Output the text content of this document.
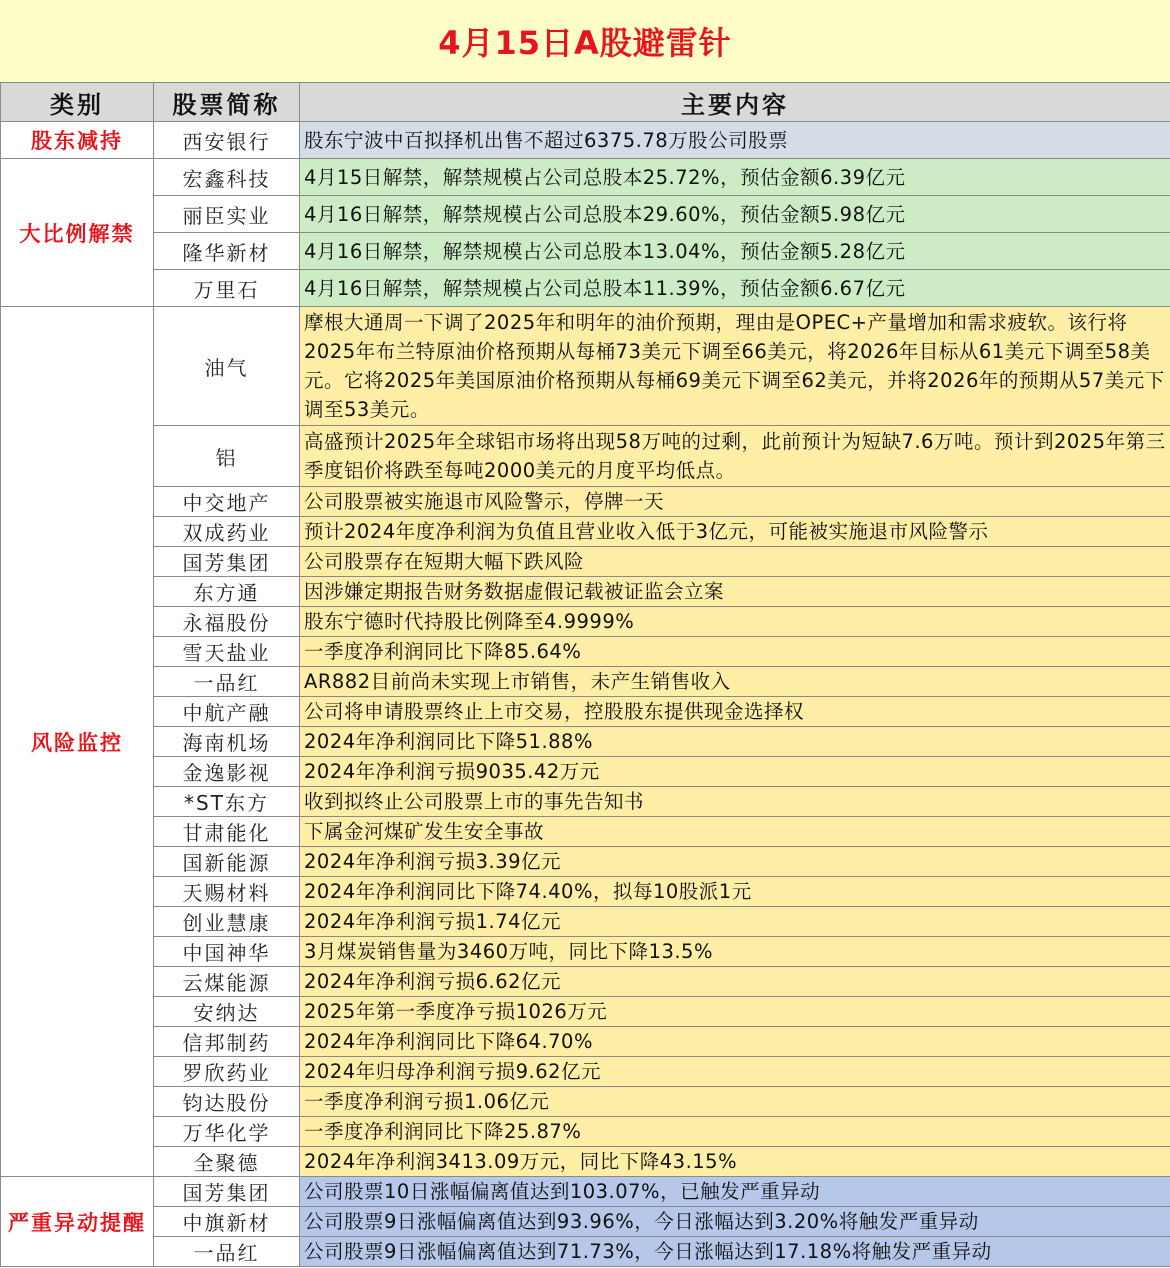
4月15日A股避雷针
类别	股票简称	主要内容
股东减持	西安银行	股东宁波中百拟择机出售不超过6375.78万股公司股票
大比例解禁	宏鑫科技	4月15日解禁，解禁规模占公司总股本25.72%，预估金额6.39亿元
	丽臣实业	4月16日解禁，解禁规模占公司总股本29.60%，预估金额5.98亿元
	隆华新材	4月16日解禁，解禁规模占公司总股本13.04%，预估金额5.28亿元
	万里石	4月16日解禁，解禁规模占公司总股本11.39%，预估金额6.67亿元
风险监控	油气	摩根大通周一下调了2025年和明年的油价预期，理由是OPEC+产量增加和需求疲软。该行将2025年布兰特原油价格预期从每桶73美元下调至66美元，将2026年目标从61美元下调至58美元。它将2025年美国原油价格预期从每桶69美元下调至62美元，并将2026年的预期从57美元下调至53美元。
	铝	高盛预计2025年全球铝市场将出现58万吨的过剩，此前预计为短缺7.6万吨。预计到2025年第三季度铝价将跌至每吨2000美元的月度平均低点。
	中交地产	公司股票被实施退市风险警示，停牌一天
	双成药业	预计2024年度净利润为负值且营业收入低于3亿元，可能被实施退市风险警示
	国芳集团	公司股票存在短期大幅下跌风险
	东方通	因涉嫌定期报告财务数据虚假记载被证监会立案
	永福股份	股东宁德时代持股比例降至4.9999%
	雪天盐业	一季度净利润同比下降85.64%
	一品红	AR882目前尚未实现上市销售，未产生销售收入
	中航产融	公司将申请股票终止上市交易，控股股东提供现金选择权
	海南机场	2024年净利润同比下降51.88%
	金逸影视	2024年净利润亏损9035.42万元
	*ST东方	收到拟终止公司股票上市的事先告知书
	甘肃能化	下属金河煤矿发生安全事故
	国新能源	2024年净利润亏损3.39亿元
	天赐材料	2024年净利润同比下降74.40%，拟每10股派1元
	创业慧康	2024年净利润亏损1.74亿元
	中国神华	3月煤炭销售量为3460万吨，同比下降13.5%
	云煤能源	2024年净利润亏损6.62亿元
	安纳达	2025年第一季度净亏损1026万元
	信邦制药	2024年净利润同比下降64.70%
	罗欣药业	2024年归母净利润亏损9.62亿元
	钧达股份	一季度净利润亏损1.06亿元
	万华化学	一季度净利润同比下降25.87%
	全聚德	2024年净利润3413.09万元，同比下降43.15%
严重异动提醒	国芳集团	公司股票10日涨幅偏离值达到103.07%，已触发严重异动
	中旗新材	公司股票9日涨幅偏离值达到93.96%，今日涨幅达到3.20%将触发严重异动
	一品红	公司股票9日涨幅偏离值达到71.73%，今日涨幅达到17.18%将触发严重异动
